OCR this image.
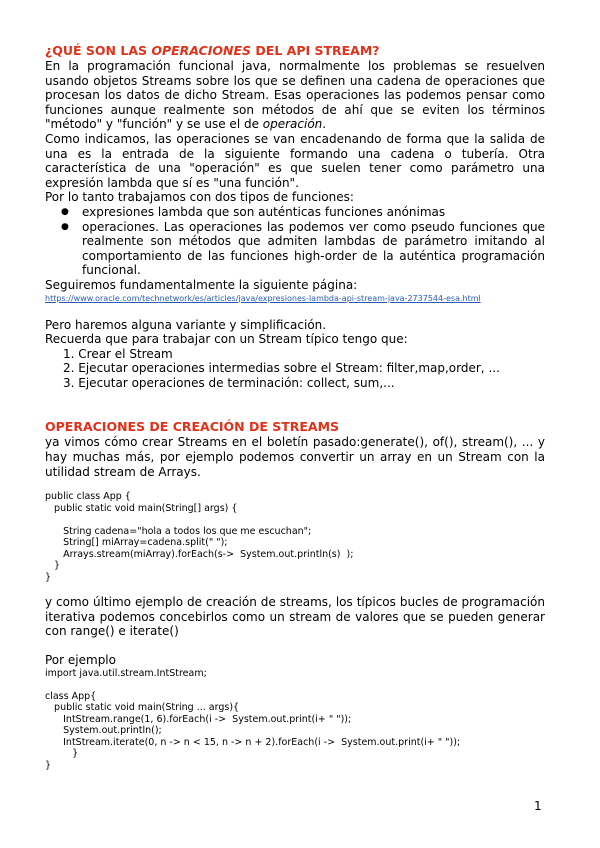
¿QUÉ SON LAS OPERACIONES DEL API STREAM?

En la programación funcional java, normalmente los problemas se resuelven usando objetos Streams sobre los que se definen una cadena de operaciones que procesan los datos de dicho Stream. Esas operaciones las podemos pensar como funciones aunque realmente son métodos de ahí que se eviten los términos "método" y "función" y se use el de operación.

Como indicamos, las operaciones se van encadenando de forma que la salida de una es la entrada de la siguiente formando una cadena o tubería. Otra característica de una "operación" es que suelen tener como parámetro una expresión lambda que sí es "una función".

Por lo tanto trabajamos con dos tipos de funciones:

● expresiones lambda que son auténticas funciones anónimas
● operaciones. Las operaciones las podemos ver como pseudo funciones que realmente son métodos que admiten lambdas de parámetro imitando al comportamiento de las funciones high-order de la auténtica programación funcional.

Seguiremos fundamentalmente la siguiente página:

https://www.oracle.com/technetwork/es/articles/java/expresiones-lambda-api-stream-java-2737544-esa.html

Pero haremos alguna variante y simplificación.

Recuerda que para trabajar con un Stream típico tengo que:

1. Crear el Stream
2. Ejecutar operaciones intermedias sobre el Stream: filter,map,order, ...
3. Ejecutar operaciones de terminación: collect, sum,...
OPERACIONES DE CREACIÓN DE STREAMS

ya vimos cómo crear Streams en el boletín pasado:generate(), of(), stream(), ... y hay muchas más, por ejemplo podemos convertir un array en un Stream con la utilidad stream de Arrays.

public class App {
public static void main(String[] args) {

String cadena="hola a todos los que me escuchan";
String[] miArray=cadena.split(" ");
Arrays.stream(miArray).forEach(s->  System.out.println(s)  );
}
}

y como último ejemplo de creación de streams, los típicos bucles de programación iterativa podemos concebirlos como un stream de valores que se pueden generar con range() e iterate()

Por ejemplo

import java.util.stream.IntStream;

class App{
public static void main(String ... args){
IntStream.range(1, 6).forEach(i ->  System.out.print(i+ " "));
System.out.println();
IntStream.iterate(0, n -> n < 15, n -> n + 2).forEach(i ->  System.out.print(i+ " "));
}
}
1
